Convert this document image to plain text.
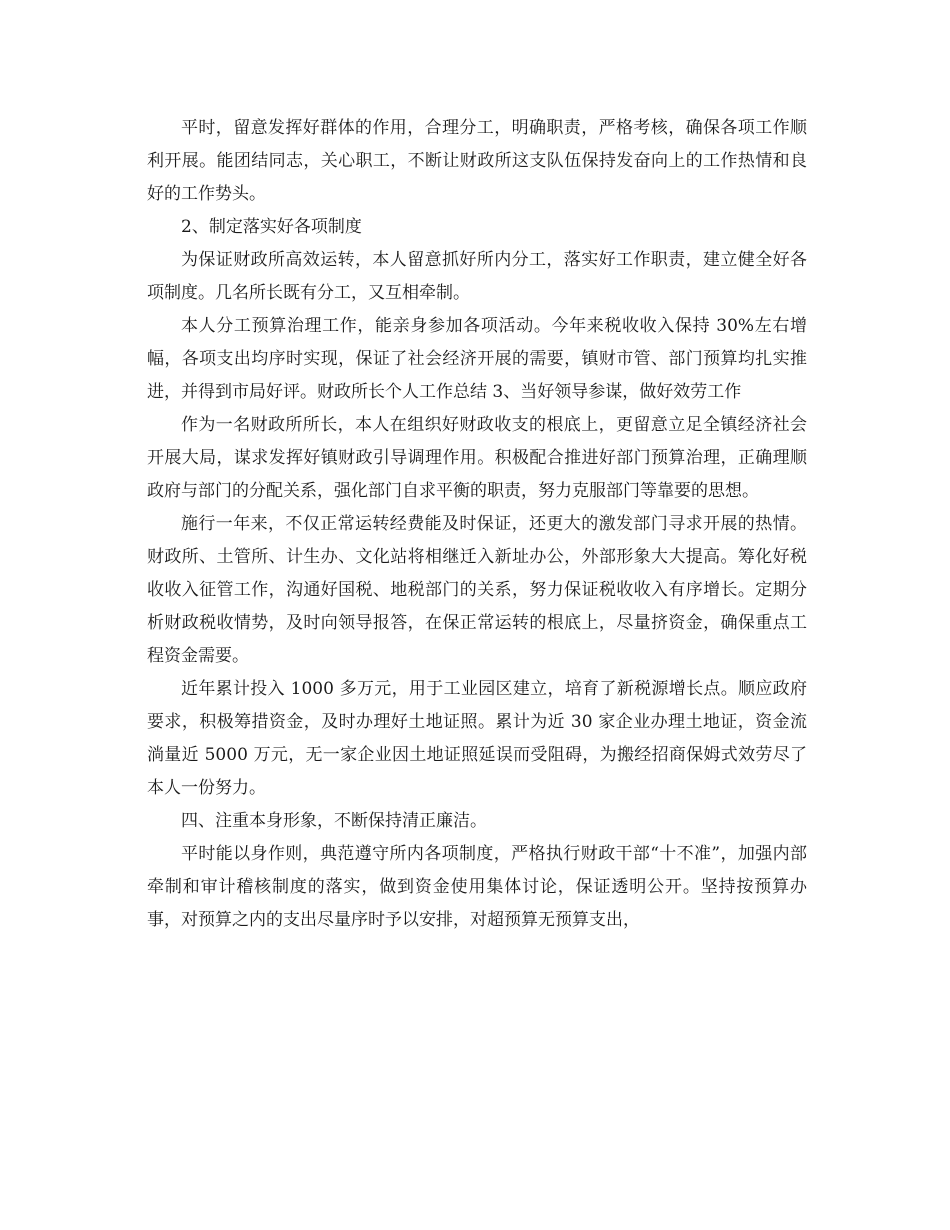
平时，留意发挥好群体的作用，合理分工，明确职责，严格考核，确保各项工作顺利开展。能团结同志，关心职工，不断让财政所这支队伍保持发奋向上的工作热情和良好的工作势头。

2、制定落实好各项制度

为保证财政所高效运转，本人留意抓好所内分工，落实好工作职责，建立健全好各项制度。几名所长既有分工，又互相牵制。

本人分工预算治理工作，能亲身参加各项活动。今年来税收收入保持 30%左右增幅，各项支出均序时实现，保证了社会经济开展的需要，镇财市管、部门预算均扎实推进，并得到市局好评。财政所长个人工作总结 3、当好领导参谋，做好效劳工作

作为一名财政所所长，本人在组织好财政收支的根底上，更留意立足全镇经济社会开展大局，谋求发挥好镇财政引导调理作用。积极配合推进好部门预算治理，正确理顺政府与部门的分配关系，强化部门自求平衡的职责，努力克服部门等靠要的思想。

施行一年来，不仅正常运转经费能及时保证，还更大的激发部门寻求开展的热情。财政所、土管所、计生办、文化站将相继迁入新址办公，外部形象大大提高。筹化好税收收入征管工作，沟通好国税、地税部门的关系，努力保证税收收入有序增长。定期分析财政税收情势，及时向领导报答，在保正常运转的根底上，尽量挤资金，确保重点工程资金需要。

近年累计投入 1000 多万元，用于工业园区建立，培育了新税源增长点。顺应政府要求，积极筹措资金，及时办理好土地证照。累计为近 30 家企业办理土地证，资金流淌量近 5000 万元，无一家企业因土地证照延误而受阻碍，为搬经招商保姆式效劳尽了本人一份努力。

四、注重本身形象，不断保持清正廉洁。

平时能以身作则，典范遵守所内各项制度，严格执行财政干部“十不准”，加强内部牵制和审计稽核制度的落实，做到资金使用集体讨论，保证透明公开。坚持按预算办事，对预算之内的支出尽量序时予以安排，对超预算无预算支出，
